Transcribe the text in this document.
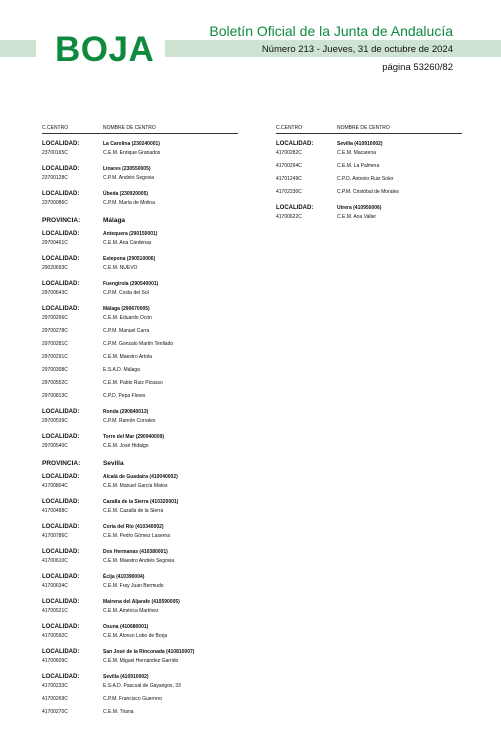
BOJA	Boletín Oficial de la Junta de Andalucía
Número 213 - Jueves, 31 de octubre de 2024
página 53260/82
C.CENTRO	NOMBRE DE CENTRO
LOCALIDAD:	La Carolina (230240001)
23700165C	C.E.M. Enrique Granados
LOCALIDAD:	Linares (230550005)
23700128C	C.P.M. Andrés Segovia
LOCALIDAD:	Úbeda (230920005)
23700086C	C.P.M. María de Molina
PROVINCIA:	Málaga
LOCALIDAD:	Antequera (290150001)
29700461C	C.E.M. Ana Cárdenas
LOCALIDAD:	Estepona (290510006)
29020693C	C.E.M. NUEVO
LOCALIDAD:	Fuengirola (290540001)
29700643C	C.P.M. Costa del Sol
LOCALIDAD:	Málaga (290670005)
29700266C	C.E.M. Eduardo Ocón
29700278C	C.P.M. Manuel Carra
29700281C	C.P.M. Gonzalo Martín Tenllado
29700291C	C.E.M. Maestro Artola
29700308C	E.S.A.D. Málaga
29700552C	C.E.M. Pablo Ruiz Picasso
29700813C	C.P.D. Pepa Flores
LOCALIDAD:	Ronda (290840013)
29700539C	C.P.M. Ramón Corrales
LOCALIDAD:	Torre del Mar (290940009)
29700540C	C.E.M. José Hidalgo
PROVINCIA:	Sevilla
LOCALIDAD:	Alcalá de Guadaíra (410040002)
41700804C	C.E.M. Manuel García Matos
LOCALIDAD:	Cazalla de la Sierra (410320001)
41700488C	C.E.M. Cazalla de la Sierra
LOCALIDAD:	Coria del Río (410340002)
41700786C	C.E.M. Pedro Gómez Laserna
LOCALIDAD:	Dos Hermanas (410380001)
41700610C	C.E.M. Maestro Andrés Segovia
LOCALIDAD:	Écija (410390004)
41700634C	C.E.M. Fray Juan Bermudo
LOCALIDAD:	Mairena del Aljarafe (410590005)
41700521C	C.E.M. América Martínez
LOCALIDAD:	Osuna (410680001)
41700592C	C.E.M. Alonso Lobo de Borja
LOCALIDAD:	San José de la Rinconada (410810007)
41700609C	C.E.M. Miguel Hernández Garrido
LOCALIDAD:	Sevilla (410910002)
41700233C	E.S.A.D. Pascual de Gayangos, 33
41700269C	C.P.M. Francisco Guerrero
41700270C	C.E.M. Triana
C.CENTRO	NOMBRE DE CENTRO
LOCALIDAD:	Sevilla (410910002)
41700282C	C.E.M. Macarena
41700294C	C.E.M. La Palmera
41701249C	C.P.D. Antonio Ruiz Soler
41702230C	C.P.M. Cristóbal de Morales
LOCALIDAD:	Utrera (410950006)
41700622C	C.E.M. Ana Valler
